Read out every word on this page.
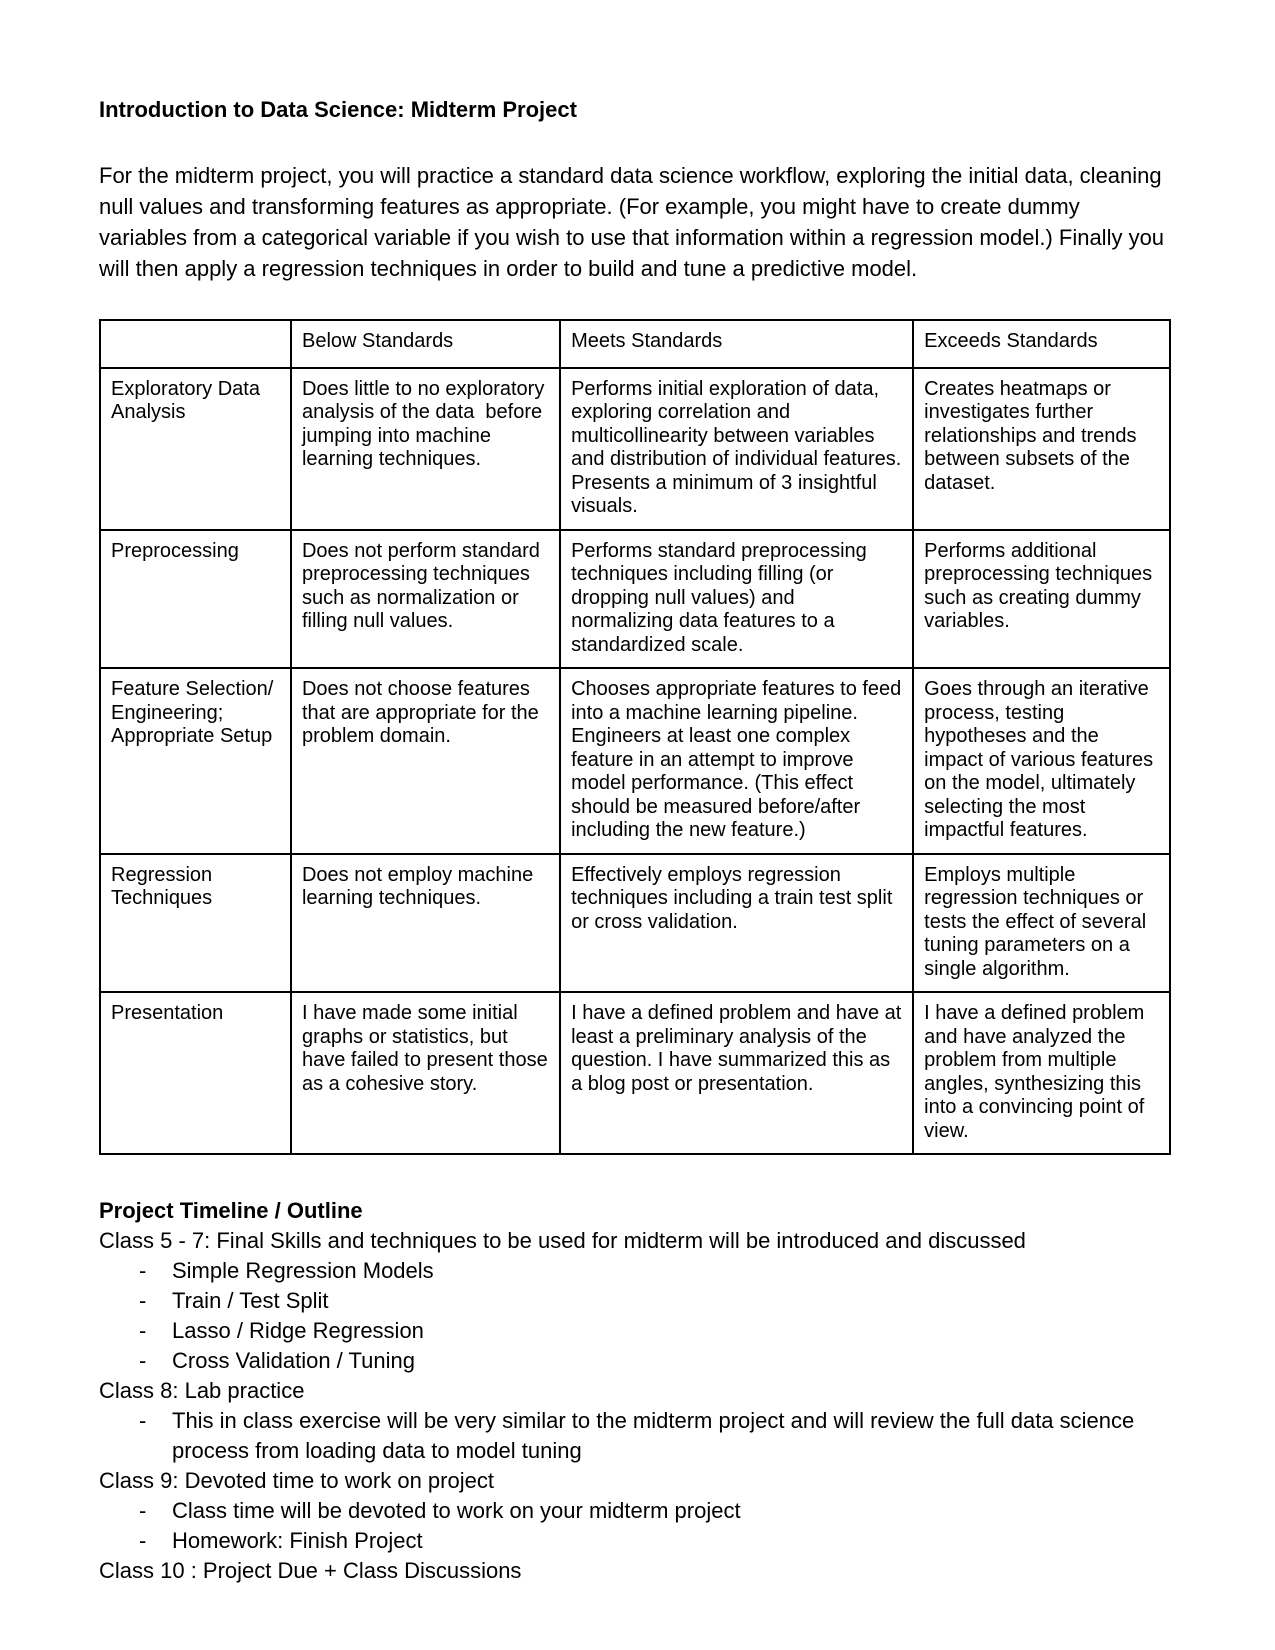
Introduction to Data Science: Midterm Project

For the midterm project, you will practice a standard data science workflow, exploring the initial data, cleaning null values and transforming features as appropriate. (For example, you might have to create dummy variables from a categorical variable if you wish to use that information within a regression model.) Finally you will then apply a regression techniques in order to build and tune a predictive model.

	Below Standards	Meets Standards	Exceeds Standards
Exploratory Data Analysis	Does little to no exploratory analysis of the data  before jumping into machine learning techniques.	Performs initial exploration of data, exploring correlation and multicollinearity between variables and distribution of individual features. Presents a minimum of 3 insightful visuals.	Creates heatmaps or investigates further relationships and trends between subsets of the dataset.
Preprocessing	Does not perform standard preprocessing techniques such as normalization or filling null values.	Performs standard preprocessing techniques including filling (or dropping null values) and normalizing data features to a standardized scale.	Performs additional preprocessing techniques such as creating dummy variables.
Feature Selection/ Engineering; Appropriate Setup	Does not choose features that are appropriate for the problem domain.	Chooses appropriate features to feed into a machine learning pipeline. Engineers at least one complex feature in an attempt to improve model performance. (This effect should be measured before/after including the new feature.)	Goes through an iterative process, testing hypotheses and the impact of various features on the model, ultimately selecting the most impactful features.
Regression Techniques	Does not employ machine learning techniques.	Effectively employs regression techniques including a train test split or cross validation.	Employs multiple regression techniques or tests the effect of several tuning parameters on a single algorithm.
Presentation	I have made some initial graphs or statistics, but have failed to present those as a cohesive story.	I have a defined problem and have at least a preliminary analysis of the question. I have summarized this as a blog post or presentation.	I have a defined problem and have analyzed the problem from multiple angles, synthesizing this into a convincing point of view.
Project Timeline / Outline
Class 5 - 7: Final Skills and techniques to be used for midterm will be introduced and discussed
- Simple Regression Models
- Train / Test Split
- Lasso / Ridge Regression
- Cross Validation / Tuning
Class 8: Lab practice
- This in class exercise will be very similar to the midterm project and will review the full data science process from loading data to model tuning
Class 9: Devoted time to work on project
- Class time will be devoted to work on your midterm project
- Homework: Finish Project
Class 10 : Project Due + Class Discussions
